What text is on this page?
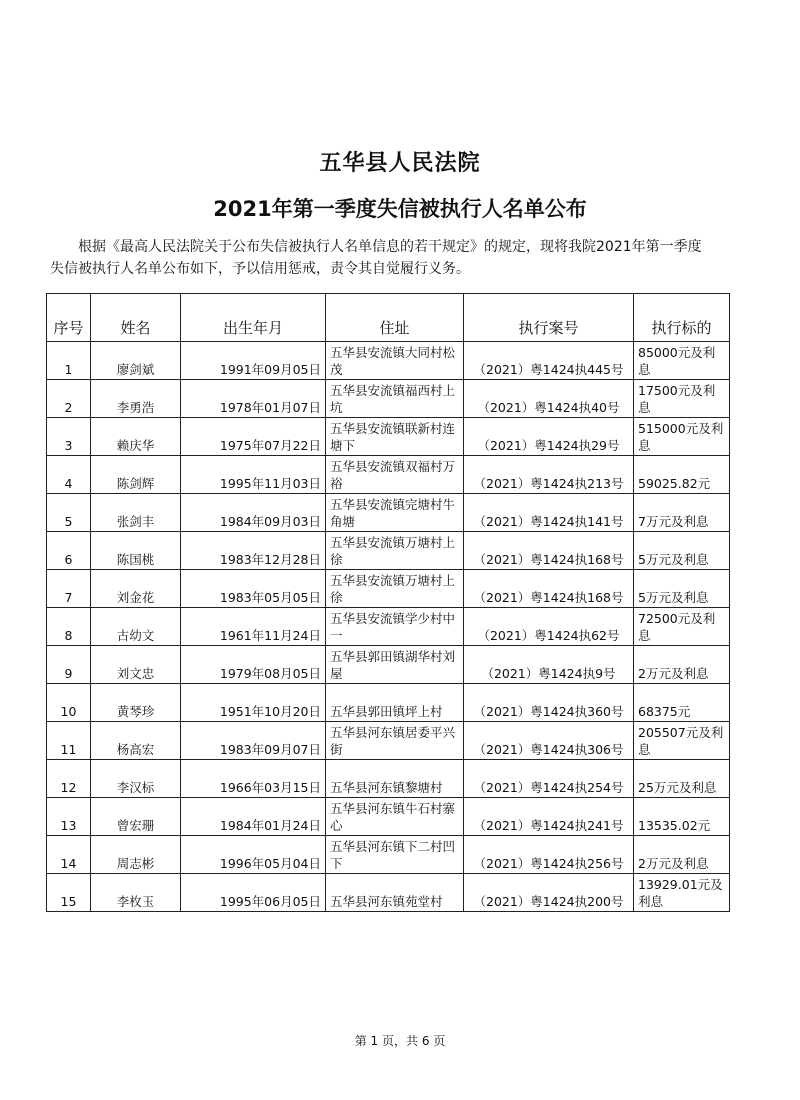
五华县人民法院
2021年第一季度失信被执行人名单公布

根据《最高人民法院关于公布失信被执行人名单信息的若干规定》的规定，现将我院2021年第一季度失信被执行人名单公布如下，予以信用惩戒，责令其自觉履行义务。

序号	姓名	出生年月	住址	执行案号	执行标的
1	廖剑斌	1991年09月05日	五华县安流镇大同村松茂	（2021）粤1424执445号	85000元及利息
2	李勇浩	1978年01月07日	五华县安流镇福西村上坑	（2021）粤1424执40号	17500元及利息
3	赖庆华	1975年07月22日	五华县安流镇联新村连塘下	（2021）粤1424执29号	515000元及利息
4	陈剑辉	1995年11月03日	五华县安流镇双福村万裕	（2021）粤1424执213号	59025.82元
5	张剑丰	1984年09月03日	五华县安流镇完塘村牛角塘	（2021）粤1424执141号	7万元及利息
6	陈国桃	1983年12月28日	五华县安流镇万塘村上徐	（2021）粤1424执168号	5万元及利息
7	刘金花	1983年05月05日	五华县安流镇万塘村上徐	（2021）粤1424执168号	5万元及利息
8	古幼文	1961年11月24日	五华县安流镇学少村中一	（2021）粤1424执62号	72500元及利息
9	刘文忠	1979年08月05日	五华县郭田镇湖华村刘屋	（2021）粤1424执9号	2万元及利息
10	黄琴珍	1951年10月20日	五华县郭田镇坪上村	（2021）粤1424执360号	68375元
11	杨高宏	1983年09月07日	五华县河东镇居委平兴街	（2021）粤1424执306号	205507元及利息
12	李汉标	1966年03月15日	五华县河东镇黎塘村	（2021）粤1424执254号	25万元及利息
13	曾宏珊	1984年01月24日	五华县河东镇牛石村寨心	（2021）粤1424执241号	13535.02元
14	周志彬	1996年05月04日	五华县河东镇下二村凹下	（2021）粤1424执256号	2万元及利息
15	李枚玉	1995年06月05日	五华县河东镇苑堂村	（2021）粤1424执200号	13929.01元及利息
第 1 页，共 6 页
